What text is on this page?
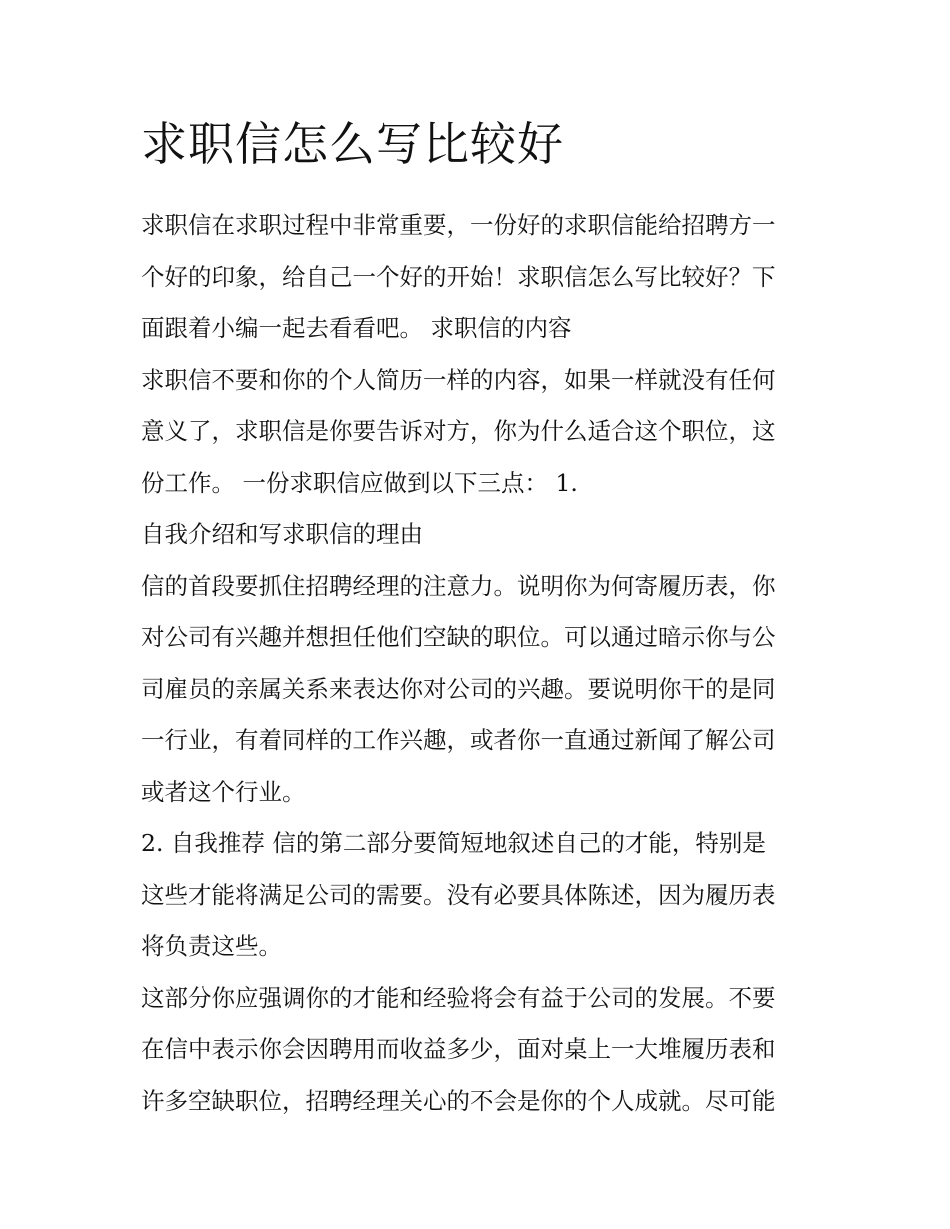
求职信怎么写比较好
求职信在求职过程中非常重要，一份好的求职信能给招聘方一
个好的印象，给自己一个好的开始！求职信怎么写比较好？下
面跟着小编一起去看看吧。 求职信的内容
求职信不要和你的个人简历一样的内容，如果一样就没有任何
意义了，求职信是你要告诉对方，你为什么适合这个职位，这
份工作。 一份求职信应做到以下三点： 1.
自我介绍和写求职信的理由
信的首段要抓住招聘经理的注意力。说明你为何寄履历表，你
对公司有兴趣并想担任他们空缺的职位。可以通过暗示你与公
司雇员的亲属关系来表达你对公司的兴趣。要说明你干的是同
一行业，有着同样的工作兴趣，或者你一直通过新闻了解公司
或者这个行业。
2. 自我推荐 信的第二部分要简短地叙述自己的才能，特别是
这些才能将满足公司的需要。没有必要具体陈述，因为履历表
将负责这些。
这部分你应强调你的才能和经验将会有益于公司的发展。不要
在信中表示你会因聘用而收益多少，面对桌上一大堆履历表和
许多空缺职位，招聘经理关心的不会是你的个人成就。尽可能
